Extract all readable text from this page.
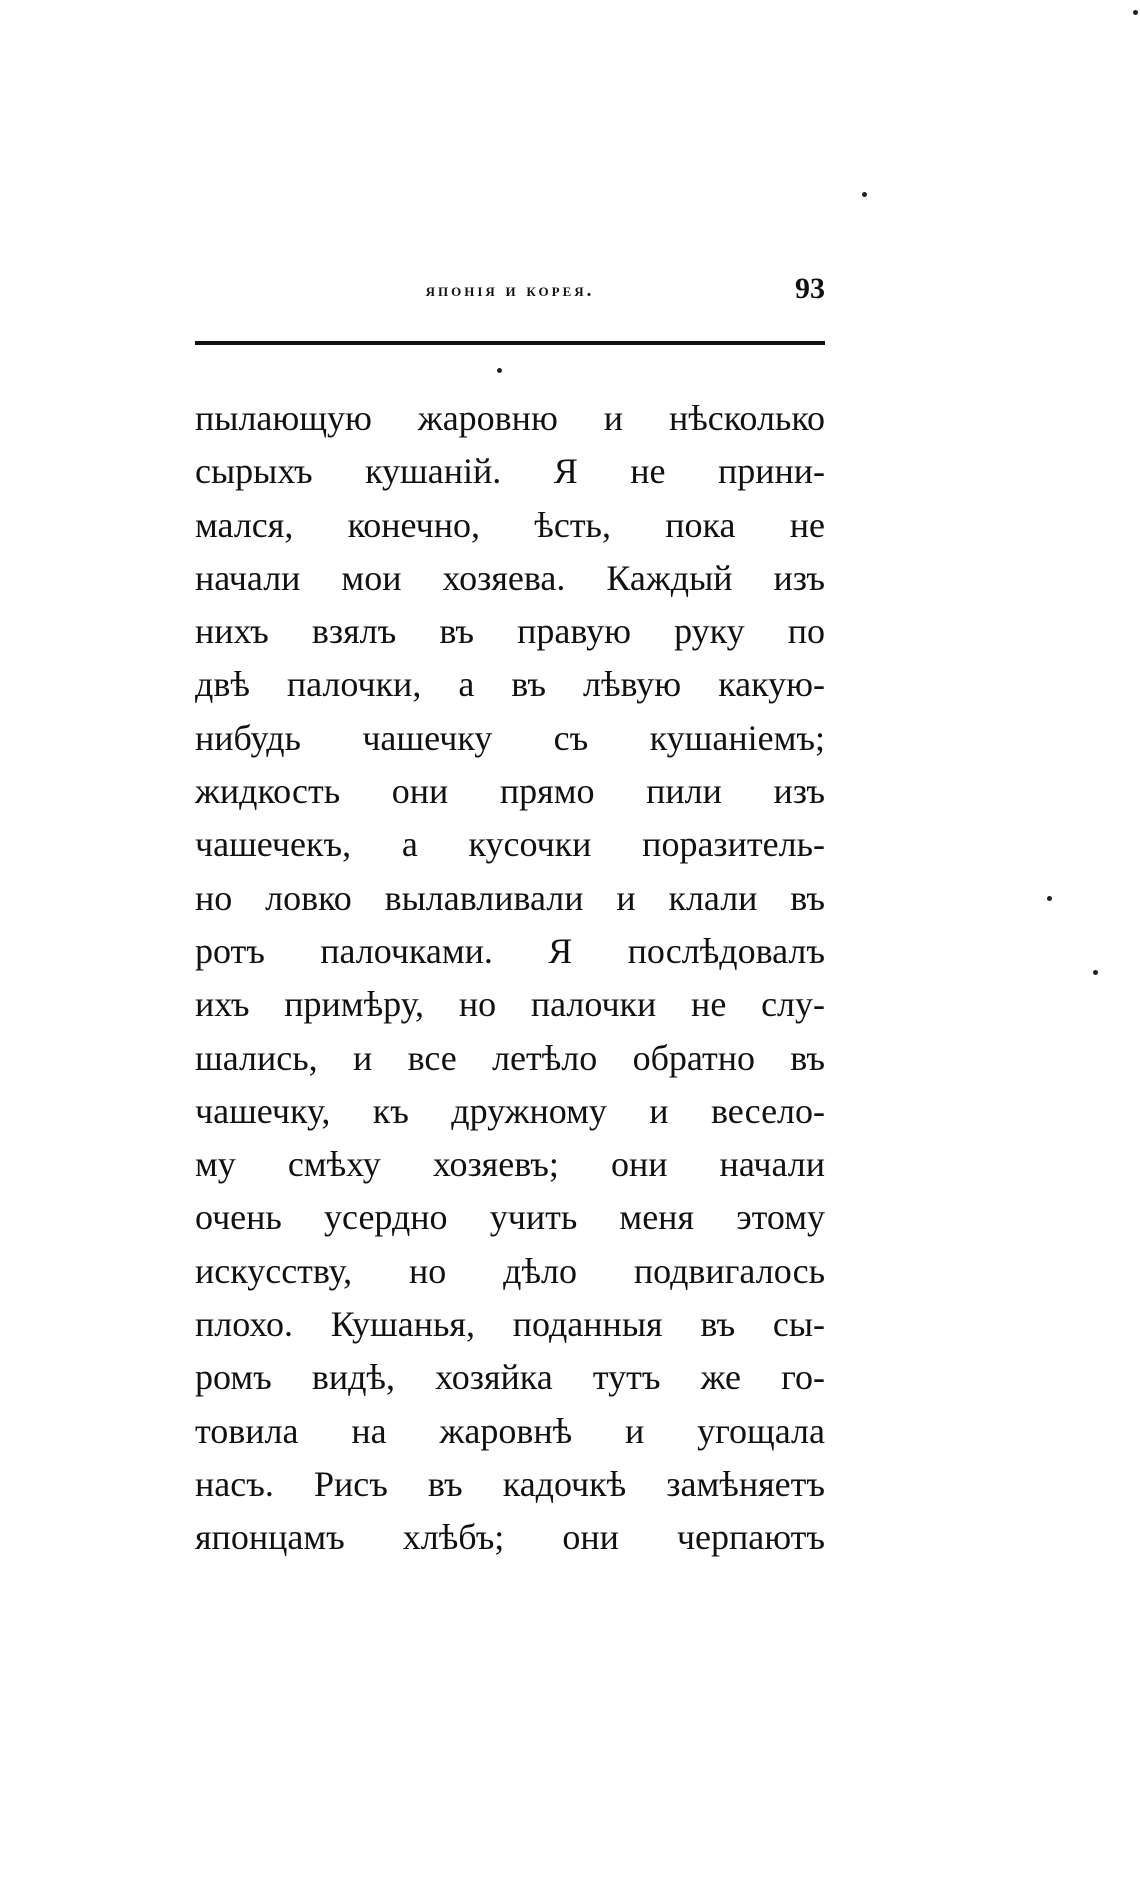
японія и корея.	93
пылающую жаровню и нѣсколько
сырыхъ кушаній. Я не прини-
мался, конечно, ѣсть, пока не
начали мои хозяева. Каждый изъ
нихъ взялъ въ правую руку по
двѣ палочки, а въ лѣвую какую-
нибудь чашечку съ кушаніемъ;
жидкость они прямо пили изъ
чашечекъ, а кусочки поразитель-
но ловко вылавливали и клали въ
ротъ палочками. Я послѣдовалъ
ихъ примѣру, но палочки не слу-
шались, и все летѣло обратно въ
чашечку, къ дружному и весело-
му смѣху хозяевъ; они начали
очень усердно учить меня этому
искусству, но дѣло подвигалось
плохо. Кушанья, поданныя въ сы-
ромъ видѣ, хозяйка тутъ же го-
товила на жаровнѣ и угощала
насъ. Рисъ въ кадочкѣ замѣняетъ
японцамъ хлѣбъ; они черпаютъ
